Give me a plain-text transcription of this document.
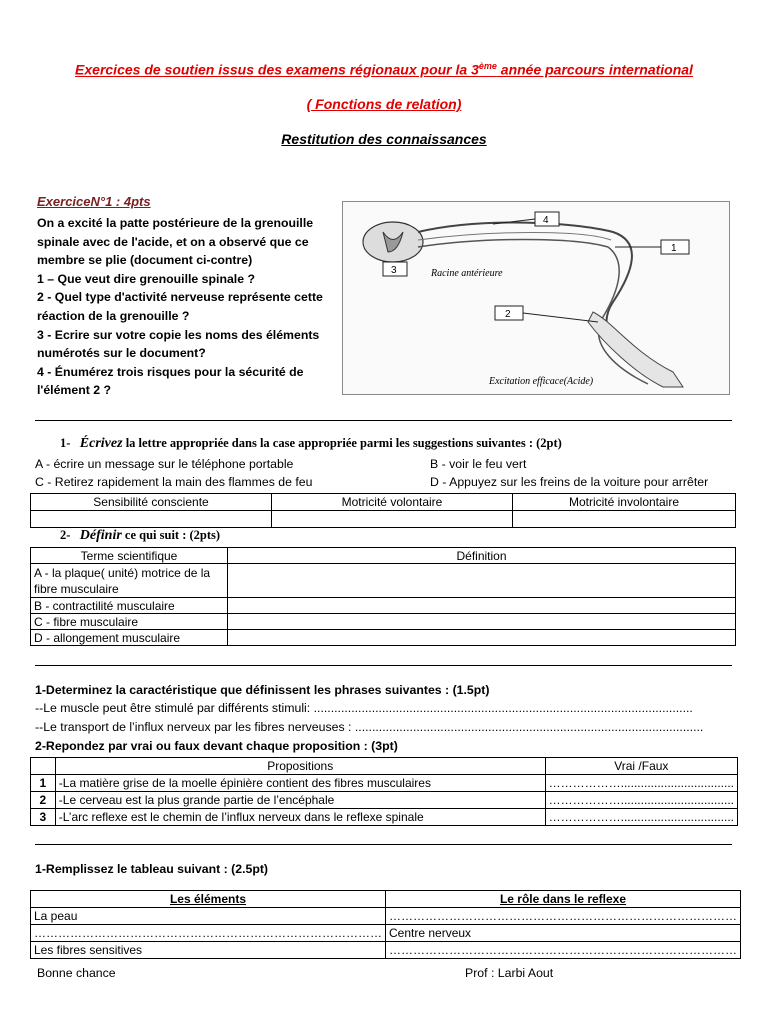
Exercices de soutien issus des examens régionaux pour la 3ème année parcours international
( Fonctions de relation)
Restitution des connaissances
ExerciceN°1 : 4pts
On a excité la patte postérieure de la grenouille
spinale avec de l'acide, et on a observé que ce
membre se plie (document ci-contre)
1 – Que veut dire grenouille spinale ?
2 - Quel type d'activité nerveuse représente cette
réaction de la grenouille ?
3 - Ecrire sur votre copie les noms des éléments
numérotés sur le document?
4 - Énumérez trois risques pour la sécurité de
l'élément 2 ?
4
1
3
2
Racine antérieure
Excitation efficace(Acide)
1- Écrivez la lettre appropriée dans la case appropriée parmi les suggestions suivantes : (2pt)
A - écrire un message sur le téléphone portable	B - voir le feu vert
C - Retirez rapidement la main des flammes de feu	D - Appuyez sur les freins de la voiture pour arrêter
Sensibilité consciente	Motricité volontaire	Motricité involontaire

2- Définir ce qui suit : (2pts)
Terme scientifique	Définition
A - la plaque( unité) motrice de la fibre musculaire	
B - contractilité musculaire	
C - fibre musculaire	
D - allongement musculaire	
1-Determinez la caractéristique que définissent les phrases suivantes : (1.5pt)
--Le muscle peut être stimulé par différents stimuli: ...............................................................................................................
--Le transport de l’influx nerveux par les fibres nerveuses : ......................................................................................................
2-Repondez par vrai ou faux devant chaque proposition : (3pt)
	Propositions	Vrai /Faux
1	-La matière grise de la moelle épinière contient des fibres musculaires	………………..................................
2	-Le cerveau est la plus grande partie de l’encéphale	………………..................................
3	-L’arc reflexe est le chemin de l’influx nerveux dans le reflexe spinale	………………..................................
1-Remplissez le tableau suivant : (2.5pt)
Les éléments	Le rôle dans le reflexe
La peau	……………………………………………………………………………
……………………………………………………………………………	Centre nerveux
Les fibres sensitives	……………………………………………………………………………
Bonne chance	Prof : Larbi Aout
